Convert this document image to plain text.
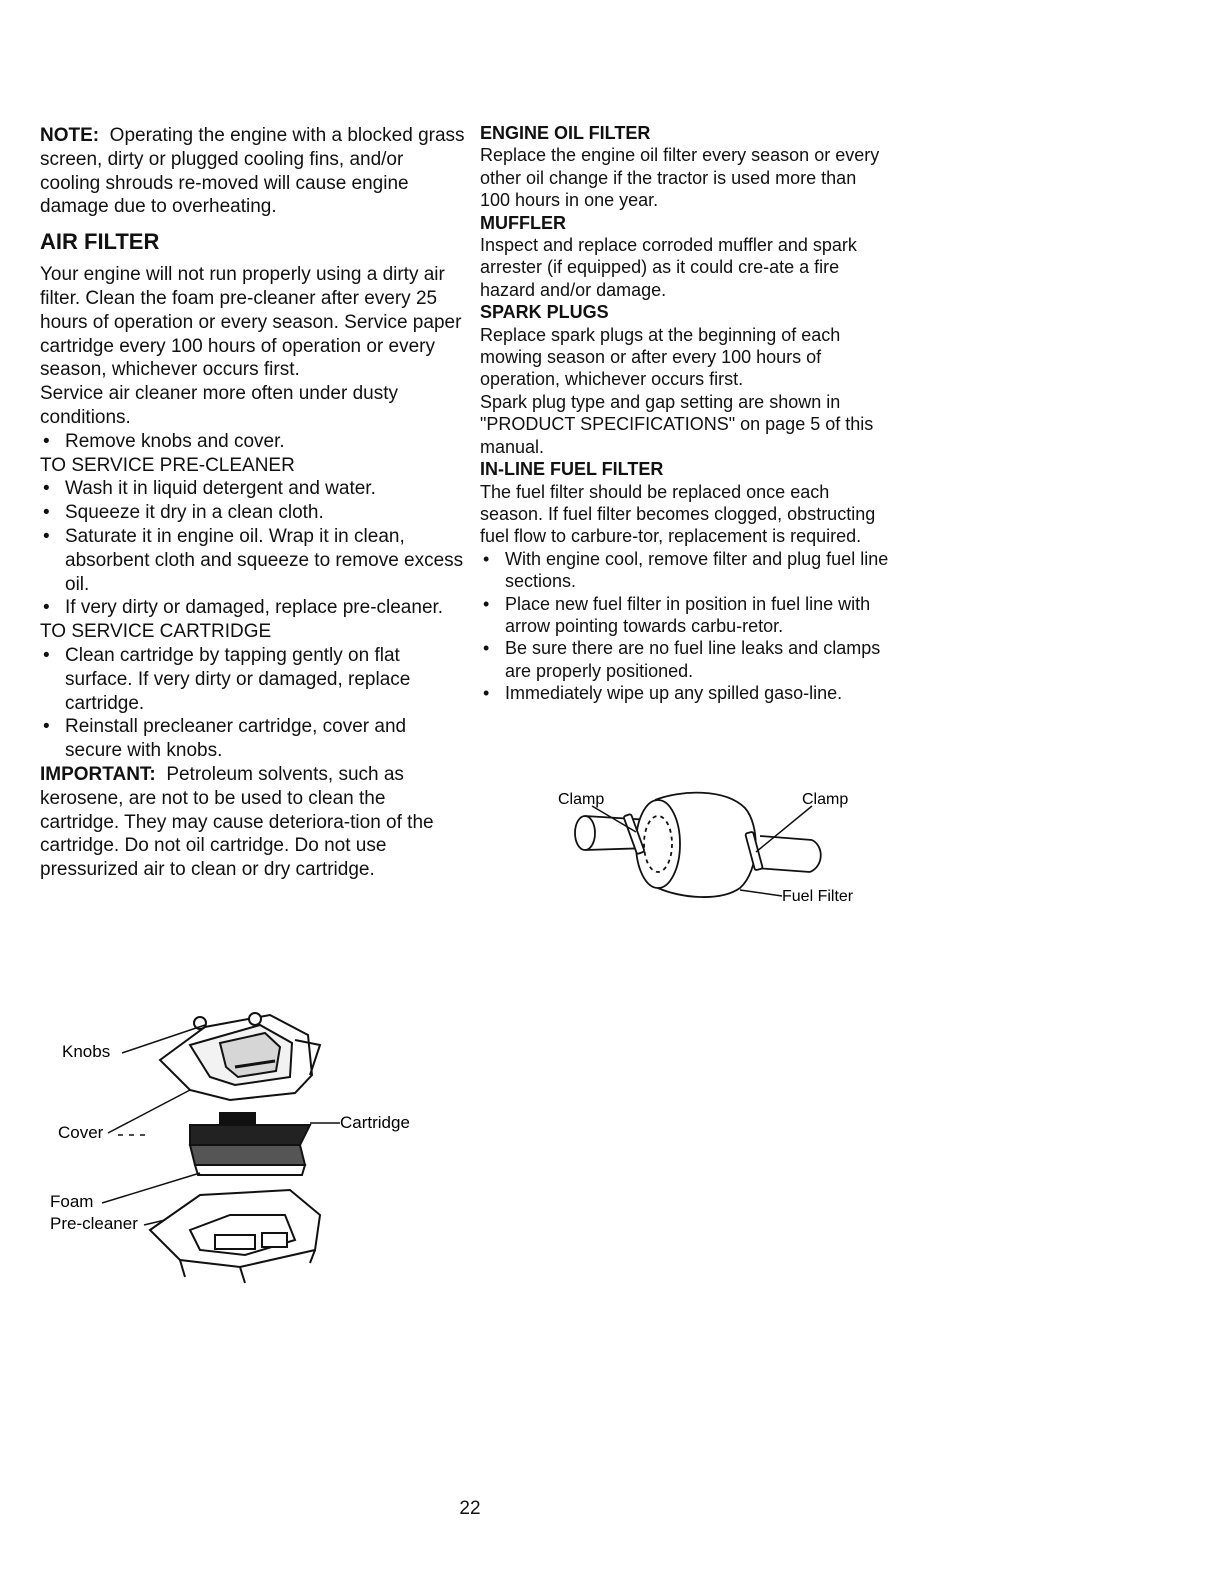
NOTE: Operating the engine with a blocked grass screen, dirty or plugged cooling fins, and/or cooling shrouds re-moved will cause engine damage due to overheating.

AIR FILTER

Your engine will not run properly using a dirty air filter. Clean the foam pre-cleaner after every 25 hours of operation or every season. Service paper cartridge every 100 hours of operation or every season, whichever occurs first.

Service air cleaner more often under dusty conditions.

• Remove knobs and cover.

TO SERVICE PRE-CLEANER

• Wash it in liquid detergent and water.
• Squeeze it dry in a clean cloth.
• Saturate it in engine oil. Wrap it in clean, absorbent cloth and squeeze to remove excess oil.
• If very dirty or damaged, replace pre-cleaner.

TO SERVICE CARTRIDGE

• Clean cartridge by tapping gently on flat surface. If very dirty or damaged, replace cartridge.
• Reinstall precleaner cartridge, cover and secure with knobs.

IMPORTANT: Petroleum solvents, such as kerosene, are not to be used to clean the cartridge. They may cause deteriora-tion of the cartridge. Do not oil cartridge. Do not use pressurized air to clean or dry cartridge.

Knobs
Cover
Cartridge
Foam
Pre-cleaner
ENGINE OIL FILTER

Replace the engine oil filter every season or every other oil change if the tractor is used more than 100 hours in one year.

MUFFLER

Inspect and replace corroded muffler and spark arrester (if equipped) as it could cre-ate a fire hazard and/or damage.

SPARK PLUGS

Replace spark plugs at the beginning of each mowing season or after every 100 hours of operation, whichever occurs first.

Spark plug type and gap setting are shown in "PRODUCT SPECIFICATIONS" on page 5 of this manual.

IN-LINE FUEL FILTER

The fuel filter should be replaced once each season. If fuel filter becomes clogged, obstructing fuel flow to carbure-tor, replacement is required.

• With engine cool, remove filter and plug fuel line sections.
• Place new fuel filter in position in fuel line with arrow pointing towards carbu-retor.
• Be sure there are no fuel line leaks and clamps are properly positioned.
• Immediately wipe up any spilled gaso-line.
Clamp	Clamp
Fuel Filter
22
